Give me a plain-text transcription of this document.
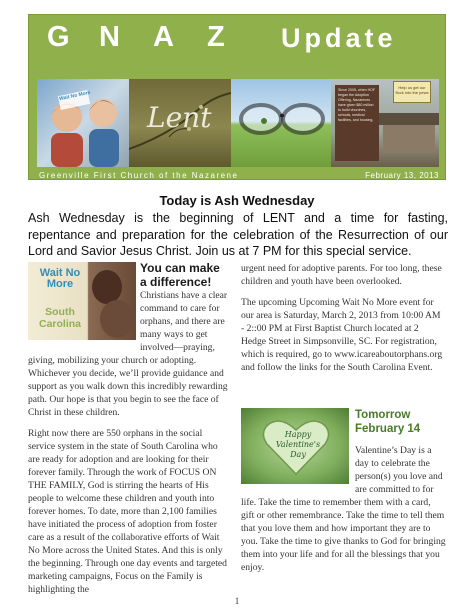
G N A Z Update
Wait No More
Lent
Since 2005, when HOF began the Adoption Offering, Nazarenes have given $80 million to build churches, schools, medical facilities, and housing.
Help us get our flock into the pews
Greenville First Church of the Nazarene	February 13, 2013
Today is Ash Wednesday

Ash Wednesday is the beginning of LENT and a time for fasting, repentance and preparation for the celebration of the Resurrection of our Lord and Savior Jesus Christ. Join us at 7 PM for this special service.

Wait No More
South Carolina
You can make a difference!

Christians have a clear command to care for orphans, and there are many ways to get involved—praying, giving, mobilizing your church or adopting. Whichever you decide, we’ll provide guidance and support as you walk down this incredibly rewarding path. Our hope is that you begin to see the face of Christ in these children.

Right now there are 550 orphans in the social service system in the state of South Carolina who are ready for adoption and are looking for their forever family. Through the work of FOCUS ON THE FAMILY, God is stirring the hearts of His people to welcome these children and youth into forever homes. To date, more than 2,100 families have initiated the process of adoption from foster care as a result of the collaborative efforts of Wait No More across the United States. And this is only the beginning. Through one day events and targeted marketing campaigns, Focus on the Family is highlighting the

urgent need for adoptive parents. For too long, these children and youth have been overlooked.

The upcoming Upcoming Wait No More event for our area is Saturday, March 2, 2013 from 10:00 AM - 2::00 PM at First Baptist Church located at 2 Hedge Street in Simpsonville, SC. For registration, which is required, go to www.icareaboutorphans.org and follow the links for the South Carolina Event.

Happy Valentine's Day
Tomorrow February 14

Valentine’s Day is a day to celebrate the person(s) you love and are committed to for life. Take the time to remember them with a card, gift or other remembrance. Take the time to tell them that you love them and how important they are to you. Take the time to give thanks to God for bringing them into your life and for all the blessings that you enjoy.

1
